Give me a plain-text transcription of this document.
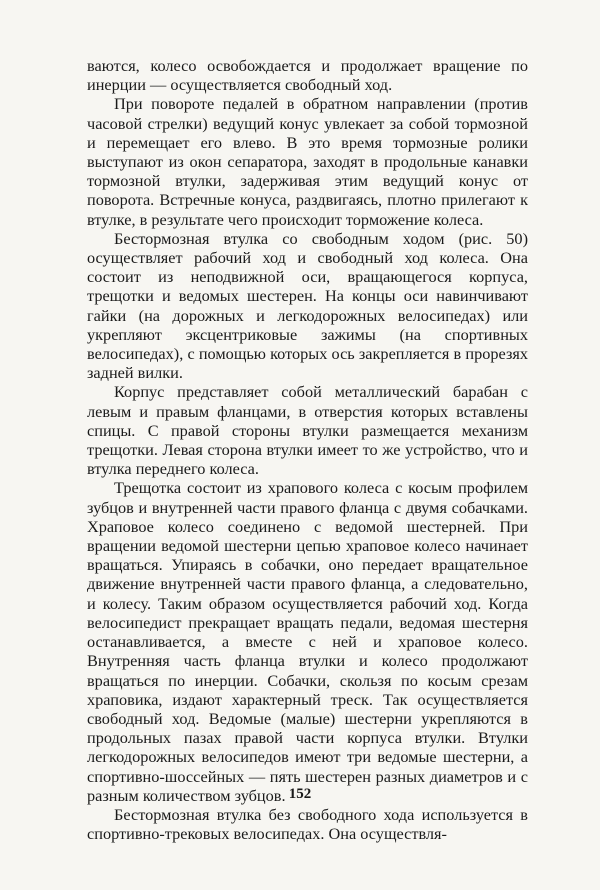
ваются, колесо освобождается и продолжает вращение по инерции — осуществляется свободный ход.

При повороте педалей в обратном направлении (против часовой стрелки) ведущий конус увлекает за собой тормозной и перемещает его влево. В это время тормозные ролики выступают из окон сепаратора, заходят в продольные канавки тормозной втулки, задерживая этим ведущий конус от поворота. Встречные конуса, раздвигаясь, плотно прилегают к втулке, в результате чего происходит торможение колеса.

Бестормозная втулка со свободным ходом (рис. 50) осуществляет рабочий ход и свободный ход колеса. Она состоит из неподвижной оси, вращающегося корпуса, трещотки и ведомых шестерен. На концы оси навинчивают гайки (на дорожных и легкодорожных велосипедах) или укрепляют эксцентриковые зажимы (на спортивных велосипедах), с помощью которых ось закрепляется в прорезях задней вилки.

Корпус представляет собой металлический барабан с левым и правым фланцами, в отверстия которых вставлены спицы. С правой стороны втулки размещается механизм трещотки. Левая сторона втулки имеет то же устройство, что и втулка переднего колеса.

Трещотка состоит из храпового колеса с косым профилем зубцов и внутренней части правого фланца с двумя собачками. Храповое колесо соединено с ведомой шестерней. При вращении ведомой шестерни цепью храповое колесо начинает вращаться. Упираясь в собачки, оно передает вращательное движение внутренней части правого фланца, а следовательно, и колесу. Таким образом осуществляется рабочий ход. Когда велосипедист прекращает вращать педали, ведомая шестерня останавливается, а вместе с ней и храповое колесо. Внутренняя часть фланца втулки и колесо продолжают вращаться по инерции. Собачки, скользя по косым срезам храповика, издают характерный треск. Так осуществляется свободный ход. Ведомые (малые) шестерни укрепляются в продольных пазах правой части корпуса втулки. Втулки легкодорожных велосипедов имеют три ведомые шестерни, а спортивно-шоссейных — пять шестерен разных диаметров и с разным количеством зубцов.

Бестормозная втулка без свободного хода используется в спортивно-трековых велосипедах. Она осуществля-

152
